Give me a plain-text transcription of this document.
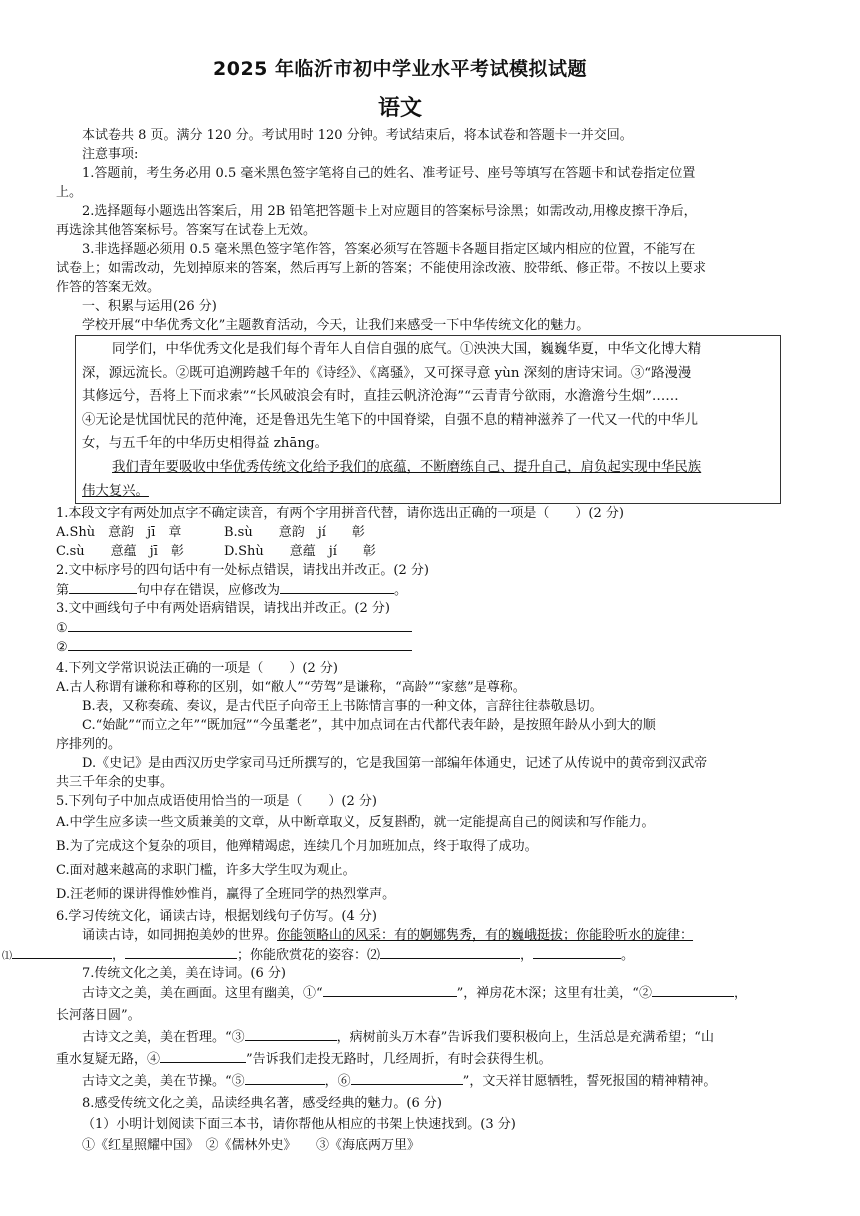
2025 年临沂市初中学业水平考试模拟试题
语文
本试卷共 8 页。满分 120 分。考试用时 120 分钟。考试结束后，将本试卷和答题卡一并交回。
注意事项:
1.答题前，考生务必用 0.5 毫米黑色签字笔将自己的姓名、准考证号、座号等填写在答题卡和试卷指定位置
上。
2.选择题每小题选出答案后，用 2B 铅笔把答题卡上对应题目的答案标号涂黑；如需改动,用橡皮擦干净后，
再选涂其他答案标号。答案写在试卷上无效。
3.非选择题必须用 0.5 毫米黑色签字笔作答，答案必须写在答题卡各题目指定区域内相应的位置，不能写在
试卷上；如需改动，先划掉原来的答案，然后再写上新的答案；不能使用涂改液、胶带纸、修正带。不按以上要求
作答的答案无效。
一、积累与运用(26 分)
学校开展“中华优秀文化”主题教育活动，今天，让我们来感受一下中华传统文化的魅力。
同学们，中华优秀文化是我们每个青年人自信自强的底气。①泱泱大国，巍巍华夏，中华文化博大精
深，源远流长。②既可追溯跨越千年的《诗经》、《离骚》，又可探寻意 yùn 深刻的唐诗宋词。③“路漫漫
其修远兮，吾将上下而求索”“长风破浪会有时，直挂云帆济沧海”“云青青兮欲雨，水澹澹兮生烟”……
④无论是忧国忧民的范仲淹，还是鲁迅先生笔下的中国脊梁，自强不息的精神滋养了一代又一代的中华儿
女，与五千年的中华历史相得益 zhāng。
我们青年要吸收中华优秀传统文化给予我们的底蕴，不断磨练自己、提升自己，肩负起实现中华民族
伟大复兴。
1.本段文字有两处加点字不确定读音，有两个字用拼音代替，请你选出正确的一项是（　　）(2 分)
A.Shù　意韵　jī　章	B.sù　　意韵　jí　　彰
C.sù　　意蕴　jī　彰	D.Shù　　意蕴　jí　　彰
2.文中标序号的四句话中有一处标点错误，请找出并改正。(2 分)
第	句中存在错误，应修改为	。
3.文中画线句子中有两处语病错误，请找出并改正。(2 分)
①
②
4.下列文学常识说法正确的一项是（　　）(2 分)
A.古人称谓有谦称和尊称的区别，如“敝人”“劳驾”是谦称，“高龄”“家慈”是尊称。
B.表，又称奏疏、奏议，是古代臣子向帝王上书陈情言事的一种文体，言辞往往恭敬恳切。
C.“始龀”“而立之年”“既加冠”“今虽耄老”，其中加点词在古代都代表年龄，是按照年龄从小到大的顺
序排列的。
D.《史记》是由西汉历史学家司马迁所撰写的，它是我国第一部编年体通史，记述了从传说中的黄帝到汉武帝
共三千年余的史事。
5.下列句子中加点成语使用恰当的一项是（　　）(2 分)
A.中学生应多读一些文质兼美的文章，从中断章取义，反复斟酌，就一定能提高自己的阅读和写作能力。
B.为了完成这个复杂的项目，他殚精竭虑，连续几个月加班加点，终于取得了成功。
C.面对越来越高的求职门槛，许多大学生叹为观止。
D.汪老师的课讲得惟妙惟肖，赢得了全班同学的热烈掌声。
6.学习传统文化，诵读古诗，根据划线句子仿写。(4 分)
诵读古诗，如同拥抱美妙的世界。你能领略山的风采：有的婀娜隽秀，有的巍峨挺拔；你能聆听水的旋律：
⑴	，	；你能欣赏花的姿容：⑵	，	。
7.传统文化之美，美在诗词。(6 分)
古诗文之美，美在画面。这里有幽美，①“	”，禅房花木深；这里有壮美，“②	，
长河落日圆”。
古诗文之美，美在哲理。“③	，病树前头万木春”告诉我们要积极向上，生活总是充满希望；“山
重水复疑无路，④	”告诉我们走投无路时，几经周折，有时会获得生机。
古诗文之美，美在节操。“⑤	，⑥	”，文天祥甘愿牺牲，誓死报国的精神精神。
8.感受传统文化之美，品读经典名著，感受经典的魅力。(6 分)
（1）小明计划阅读下面三本书，请你帮他从相应的书架上快速找到。(3 分)
①《红星照耀中国》　②《儒林外史》　　③《海底两万里》
